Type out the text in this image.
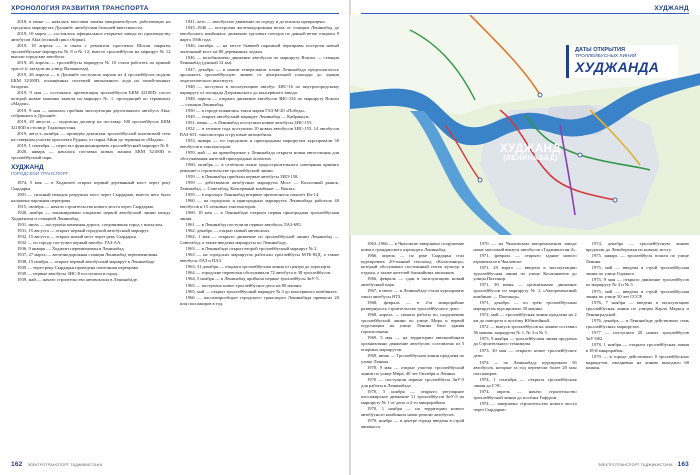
ХРОНОЛОГИЯ РАЗВИТИЯ ТРАНСПОРТА

2018, в июне — началась массовая замена микроавтобусов, работающих на городских маршрутах Душанбе, автобусами большей вместимости.

2019, 10 марта — состоялось официальное открытие завода по производству автобусов Akia (полный цикл сборки).

2019, 18 апреля — в связи с ремонтом проспекта Шотаи закрыты троллейбусные маршруты № 8 и № 12; вместо троллейбусов на маршрут № 12 вышли городские автобусы.

2019, 26 апреля — троллейбусы маршрута № 10 стали работать по прямой трассе (с заездом на улицу Валнангеда).

2019, 26 апреля — в Душанбе поступила партия из 4 троллейбусов модели БКМ 32100D, оснащённых системой автономного хода на литий-ионных батареях.

2019, 9 мая — состоялась презентация троллейбусов БКМ 32100D; после которой новые машины вышли на маршрут № 1, проходящий по терминалу «Мадон».

2019, 9 мая — началась пробная эксплуатация двухэтажного автобуса Akia, собранного в Душанбе.

2019, 20 августа — подписан договор на поставку 100 троллейбусов БКМ 32100D в столицу Таджикистана.

2019, август–октябрь — проведён демонтаж троллейбусной контактной сети на северном участке проспекта Рудаки, от парка Айни до терминала «Мадон».

2019, 1 сентября — перестал функционировать троллейбусный маршрут № 8.

2020, январь — началась поставка новых машин БКМ 32100D в троллейбусный парк.

ХУДЖАНД
ГОРОДСКОЙ ТРАНСПОРТ

1874, 5 мая — в Ходженте открыт первый деревянный мост через реку Сырдарья.

1901 — сильный паводок разрушил мост через Сырдарью, вместо него была налажена паромная переправа.

1915, октябрь — начало строительства нового моста через Сырдарью.

1928, ноябрь — запланировано открытие первой автобусной линии между Ходжентом и станцией Ленинабад.

1931, июль — построена каменная дорога, соединившая город с вокзалом.

1931, 15 августа — открыт первый городской автобусный маршрут.

1932, 15 августа — открыт новый мост через реку Сырдарья.

1932 — по городу поступил первый автобус ГАЗ-АА.

1936, 9 января — Ходжент переименован в Ленинабад.

1937, 27 марта — железнодорожная станция Ленинабад переименована.

1938, 15 ноября — открыт первый автобусный маршрут в Ленинабаде.

1939 — через реку Сырдарья проведена понтонная переправа.

1939 — первые автобусы ЗИС-8 поступили в город.

1939, май — начато строительство автовокзала в Ленинабаде.

1941, лето — автобусное движение по городу и до вокзала прекращено.

1945–1946 — построена железнодорожная ветка от станции Ленинабад до автобусного комбината; движение грузовых поездов по данной ветке открыто 9 марта 1946 года.

1946, октябрь — на месте бывшей паромной переправы построен новый понтонный мост на 80 деревянных лодках.

1946 — возобновлено движение автобусов по маршруту Вокзал — станция Ленинабад (длиной 12 км).

1947, декабрь — в новом генеральном плане Ленинабада предполагалось проложить троллейбусную линию от центральной площади до здания педагогического института.

1948 — поступил в эксплуатацию автобус ЗИС-16 по внутригородскому маршруту от площади Дзержинского до консервного завода.

1948, апрель — открыто движение автобусов ЗИС-154 по маршруту Вокзал — станция Ленинабад.

1950 — в городе появились такси марки ГАЗ-М-20 «Победа».

1949 — открыт автобусный маршрут Ленинабад — Кайраккум.

1951, июнь — в Ленинабад поступили новые автобусы ЗИС-155.

1952 — в течение года поступили 10 новых автобусов ЗИС-155, 14 автобусов ПАЗ-651, таксомоторы и грузовые автомобили.

1953, январь — по городским и пригородным маршрутам курсировали 50 автобусов и таксомоторов.

1959, май — на правобережье у Ленинабада открыта новая автостанция для обслуживания жителей пригородных колхозов.

1960, октябрь — в отчётном плане градостроительного совещания принято решение о строительстве троллейбусной линии.

1959 — в Ленинабад прибыли первые автобусы ЗИЛ-158.

1959 — действовали автобусные маршруты Мост — Колхозный рынок, Ленинабад — Советабад, Консервный комбинат — Вокзал.

1959 — в аэропорт Ленинабад впервые приземлился самолёт Ил-14.

1960 — на городских и пригородных маршрутах Ленинабада работало 40 автобусов и 15 легковых таксомоторов.

1960, 10 мая — в Ленинабаде открыта первая пригородная троллейбусная линия.

1961 — в Ленинабад поступили первые автобусы ЛАЗ-695.

1962, декабрь — открыт новый автовокзал.

1962, 1 мая — открыто движение по троллейбусной линии Ленинабад — Советабад, а также введены маршруты по Ленинабаду.

1963 — в Ленинабаде открыт второй троллейбусный маршрут № 2.

1963 — на городских маршрутах работали троллейбусы МТБ-82Д, а также автобусы ЛАЗ и ПАЗ.

1963, 31 декабря — открыта троллейбусная линия от центра до аэропорта.

1964 — городские перевозки обслуживали 72 автобуса и 38 троллейбусов.

1964, 5 ноября — в Ленинабад прибыли первые троллейбусы ЗиУ-5.

1965 — построено новое троллейбусное депо на 80 машин.

1965, май — открыт троллейбусный маршрут № 3 до консервного комбината.

1966 — пассажирооборот городского транспорта Ленинабада превысил 20 млн пассажиров в год.

162 ЭЛЕКТРОТРАНСПОРТ ТАДЖИКИСТАНА
ХУДЖАНД
ДАТЫ ОТКРЫТИЯ
ТРОЛЛЕЙБУСНЫХ ЛИНИЙ
ХУДЖАНДА
ХУДЖАНД
(ЛЕНИНАБАД)

1963–1966 — в Чкаловске завершено сооружение нового гражданского аэропорта Ленинабад.

1966, апрель — по реке Сырдарья стал курсировать 20-тонный теплоход «Колхозница», который обслуживал постоянный поток культур и отдыха, а также жителей ближайших кишлаков.

1966, февраль — сдан в эксплуатацию новый автобусный парк.

1967, в июле — в Ленинабаде стали курсировать такси автобусы ЯТЗ.

1968, февраль — в 2-м микрорайоне развернулось строительство троллейбусного депо.

1968, апрель — начаты работы по сооружению троллейбусной линии по улице Мира и первой подстанции на улице Ленина близ здания горисполкома.

1969, 5 мая — на территории автокомбината организовано движение автобусов; составлено из 5 опорных маршрутов.

1969, июнь — Троллейбусная линия продлена по улице Ленина.

1970, 9 мая — открыт участок троллейбусной линии по улице Мира, 40 лет Октября и Ленина.

1970 — поступили первые троллейбусы ЗиУ-5 для работы в Ленинабаде.

1970, 5 ноября — открыто регулярное пассажирское движение 11 троллейбусов ЗиУ-5 по маршруту № 1 от депо и 2-го микрорайона.

1970, 1 ноября — на территории нового автобусного комбината начат ремонт автобусов.

1970, ноябрь — в центре города введена в строй авиакасса.

1970 — на Чкаловском авторемонтном заводе начат массовый выпуск автобусов «Таджикистан-2».

1971, февраль — открыто здание нового аэровокзала в Чкаловске.

1971, 29 марта — введена в эксплуатацию троллейбусная линия по улице Космонавтов до улицы Пахтакор.

1971, 30 июня — организовано движение троллейбусов по маршруту № 2 «Авторемонтный комбинат — Пахтакор».

1971, декабрь — по трём троллейбусным маршрутам курсировало 30 машин.

1972, май — троллейбусная линия продлена на 2 км до поворота к посёлку Юбилейный.

1972 — выпуск троллейбусов на линию составил 36 машин, маршруты № 1, № 3 и № 5.

1973, 9 ноября — троллейбусная линия продлена до Строительного техникума.

1973, 30 мая — открыто новое троллейбусное депо.

1974 — по Ленинабаду курсировали 56 автобусов, которые за год перевезли более 20 млн пассажиров.

1974, 1 сентября — открыта троллейбусная линия до ГЭС.

1974, апрель — начато строительство троллейбусной линии до посёлка Гафуров.

1974 — завершено строительство нового моста через Сырдарью.

1974, декабрь — троллейбусную линию продлили до Левобережья по новому мосту.

1975, январь — троллейбусы пошли по улице Ленина.

1975, май — введена в строй троллейбусная линия по улице Горького.

1975, 9 мая — открыто движение троллейбусов по маршруту № 4 и № 5.

1975, май — введена в строй троллейбусная линия по улице 50 лет СССР.

1976, 7 ноября — введена в эксплуатацию троллейбусная линия по улицам Карла Маркса и Ленинградской.

1976, декабрь — в Ленинабаде действовало семь троллейбусных маршрутов.

1977 — поступили 20 новых троллейбусов ЗиУ-682.

1978, 1 ноября — открыта троллейбусная линия в 18-й микрорайон.

1979 — в городе действовало 8 троллейбусных маршрутов, ежедневно на линию выходило 68 машин.

ЭЛЕКТРОТРАНСПОРТ ТАДЖИКИСТАНА 163
